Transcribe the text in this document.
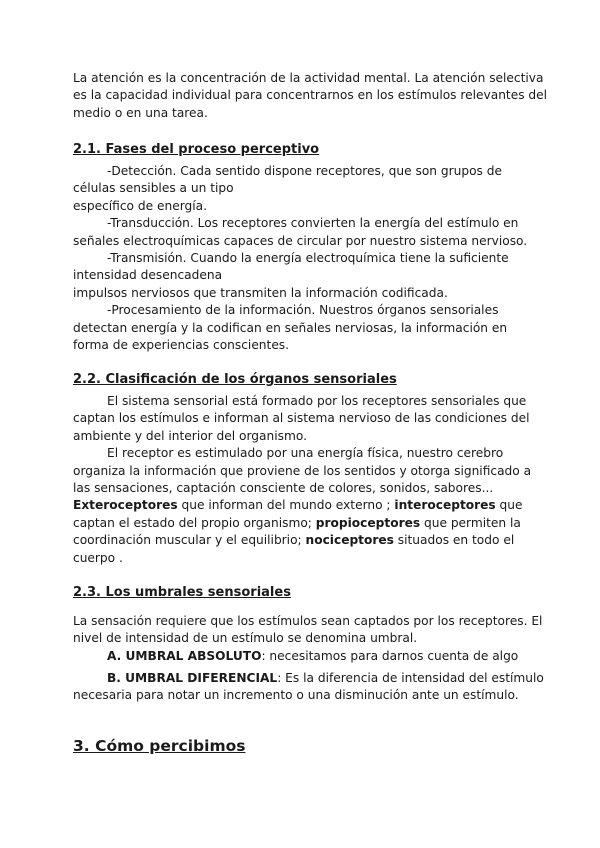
La atención es la concentración de la actividad mental. La atención selectiva
es la capacidad individual para concentrarnos en los estímulos relevantes del
medio o en una tarea.
2.1. Fases del proceso perceptivo
-Detección. Cada sentido dispone receptores, que son grupos de
células sensibles a un tipo
específico de energía.
-Transducción. Los receptores convierten la energía del estímulo en
señales electroquímicas capaces de circular por nuestro sistema nervioso.
-Transmisión. Cuando la energía electroquímica tiene la suficiente
intensidad desencadena
impulsos nerviosos que transmiten la información codificada.
-Procesamiento de la información. Nuestros órganos sensoriales
detectan energía y la codifican en señales nerviosas, la información en
forma de experiencias conscientes.
2.2. Clasificación de los órganos sensoriales
El sistema sensorial está formado por los receptores sensoriales que
captan los estímulos e informan al sistema nervioso de las condiciones del
ambiente y del interior del organismo.
El receptor es estimulado por una energía física, nuestro cerebro
organiza la información que proviene de los sentidos y otorga significado a
las sensaciones, captación consciente de colores, sonidos, sabores...
Exteroceptores que informan del mundo externo ; interoceptores que
captan el estado del propio organismo; propioceptores que permiten la
coordinación muscular y el equilibrio; nociceptores situados en todo el
cuerpo .
2.3. Los umbrales sensoriales
La sensación requiere que los estímulos sean captados por los receptores. El
nivel de intensidad de un estímulo se denomina umbral.
A. UMBRAL ABSOLUTO: necesitamos para darnos cuenta de algo
B. UMBRAL DIFERENCIAL: Es la diferencia de intensidad del estímulo
necesaria para notar un incremento o una disminución ante un estímulo.
3. Cómo percibimos
